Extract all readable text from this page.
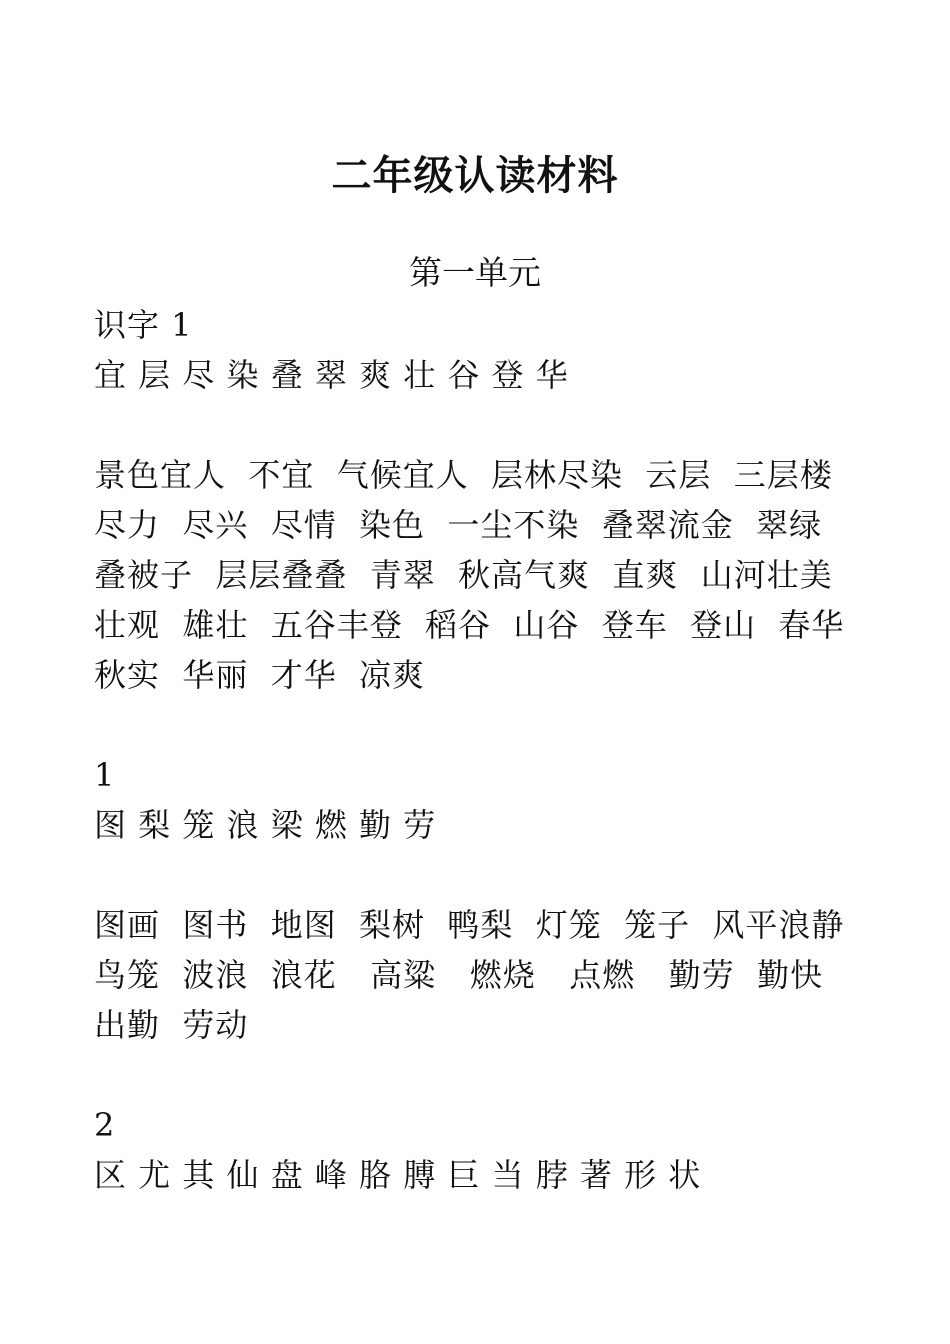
二年级认读材料
第一单元
识字 1
宜 层 尽 染 叠 翠 爽 壮 谷 登 华
景色宜人  不宜  气候宜人  层林尽染  云层  三层楼
尽力  尽兴  尽情  染色  一尘不染  叠翠流金  翠绿
叠被子  层层叠叠  青翠  秋高气爽  直爽  山河壮美
壮观  雄壮  五谷丰登  稻谷  山谷  登车  登山  春华
秋实  华丽  才华  凉爽
1
图 梨 笼 浪 梁 燃 勤 劳
图画  图书  地图  梨树  鸭梨  灯笼  笼子  风平浪静
鸟笼  波浪  浪花   高粱   燃烧   点燃   勤劳  勤快
出勤  劳动
2
区 尤 其 仙 盘 峰 胳 膊 巨 当 脖 著 形 状
